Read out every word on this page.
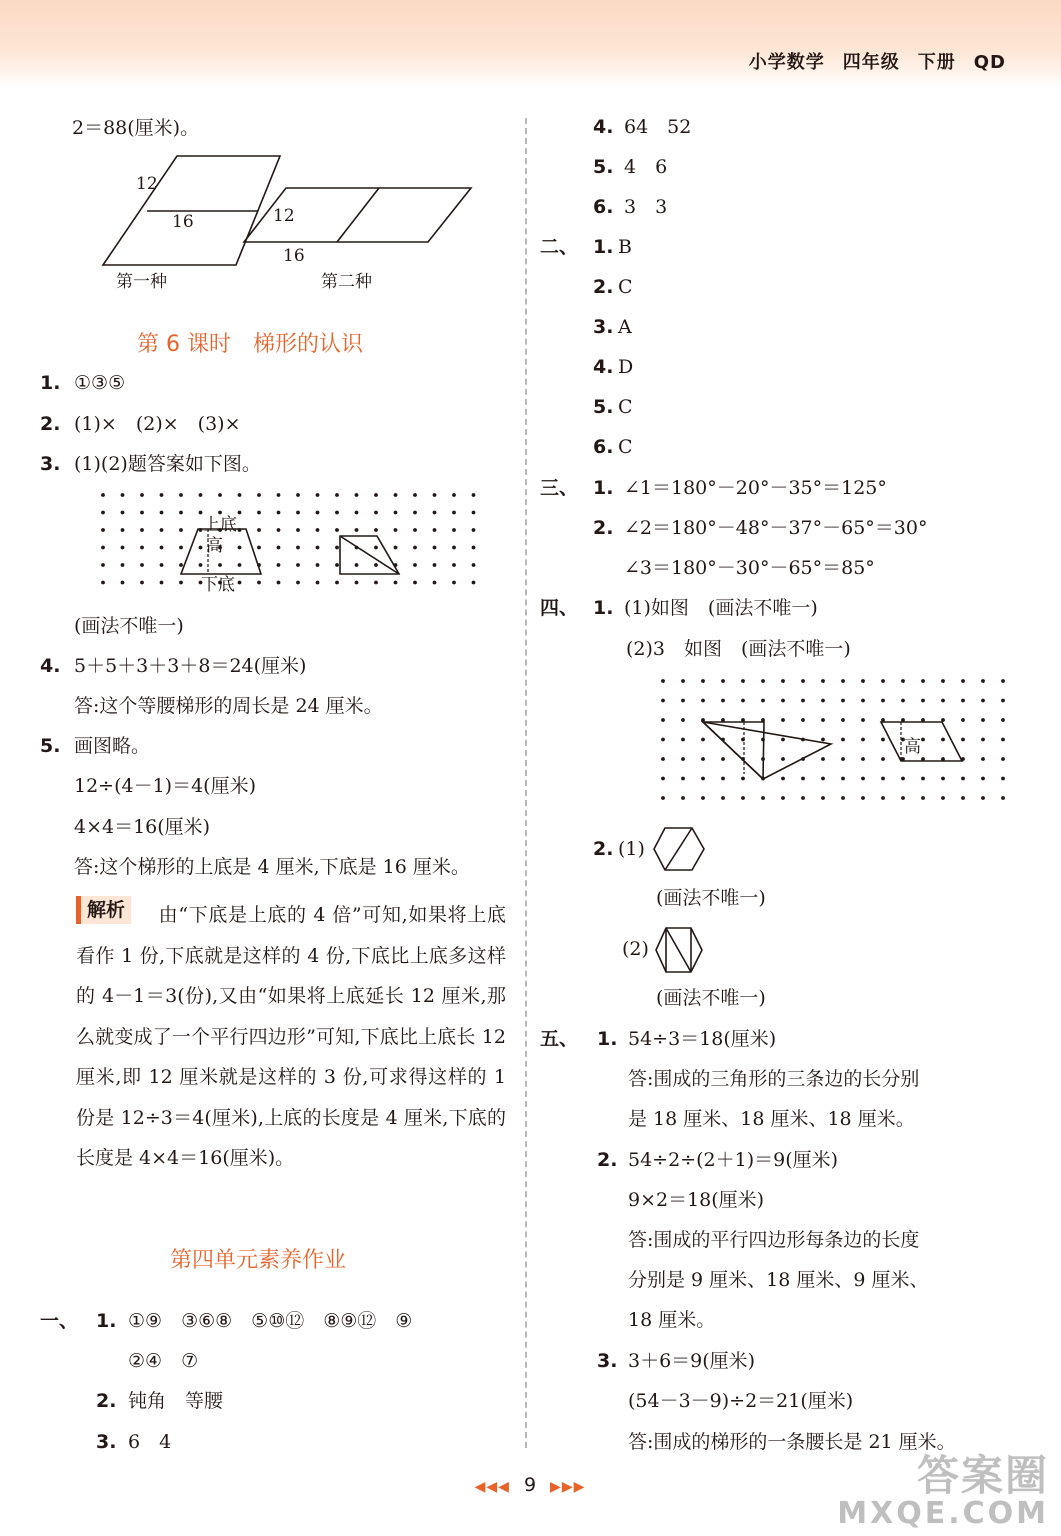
小学数学 四年级 下册 QD
2＝88(厘米)。
12
16
第一种
12
16
第二种
第 6 课时　梯形的认识
1. ①③⑤
2. (1)×　(2)×　(3)×
3. (1)(2)题答案如下图。
上底
高
下底
(画法不唯一)
4. 5＋5＋3＋3＋8＝24(厘米)
答:这个等腰梯形的周长是 24 厘米。
5. 画图略。
12÷(4－1)＝4(厘米)
4×4＝16(厘米)
答:这个梯形的上底是 4 厘米,下底是 16 厘米。
解析	由“下底是上底的 4 倍”可知,如果将上底看作 1 份,下底就是这样的 4 份,下底比上底多这样的 4－1＝3(份),又由“如果将上底延长 12 厘米,那么就变成了一个平行四边形”可知,下底比上底长 12 厘米,即 12 厘米就是这样的 3 份,可求得这样的 1 份是 12÷3＝4(厘米),上底的长度是 4 厘米,下底的长度是 4×4＝16(厘米)。
第四单元素养作业
一、 1. ①⑨　③⑥⑧　⑤⑩⑫　⑧⑨⑫　⑨
②④　⑦
2. 钝角　等腰
3. 6　4
4. 64　52
5. 4　6
6. 3　3
二、 1. B
2. C
3. A
4. D
5. C
6. C
三、 1. ∠1＝180°－20°－35°＝125°
2. ∠2＝180°－48°－37°－65°＝30°
∠3＝180°－30°－65°＝85°
四、 1. (1)如图　(画法不唯一)
(2)3　如图　(画法不唯一)
高
2. (1)
(画法不唯一)
(2)
(画法不唯一)
五、 1. 54÷3＝18(厘米)
答:围成的三角形的三条边的长分别
是 18 厘米、18 厘米、18 厘米。
2. 54÷2÷(2＋1)＝9(厘米)
9×2＝18(厘米)
答:围成的平行四边形每条边的长度
分别是 9 厘米、18 厘米、9 厘米、
18 厘米。
3. 3＋6＝9(厘米)
(54－3－9)÷2＝21(厘米)
答:围成的梯形的一条腰长是 21 厘米。
◀◀◀ 9 ▶▶▶	答案圈
MXQE.COM
